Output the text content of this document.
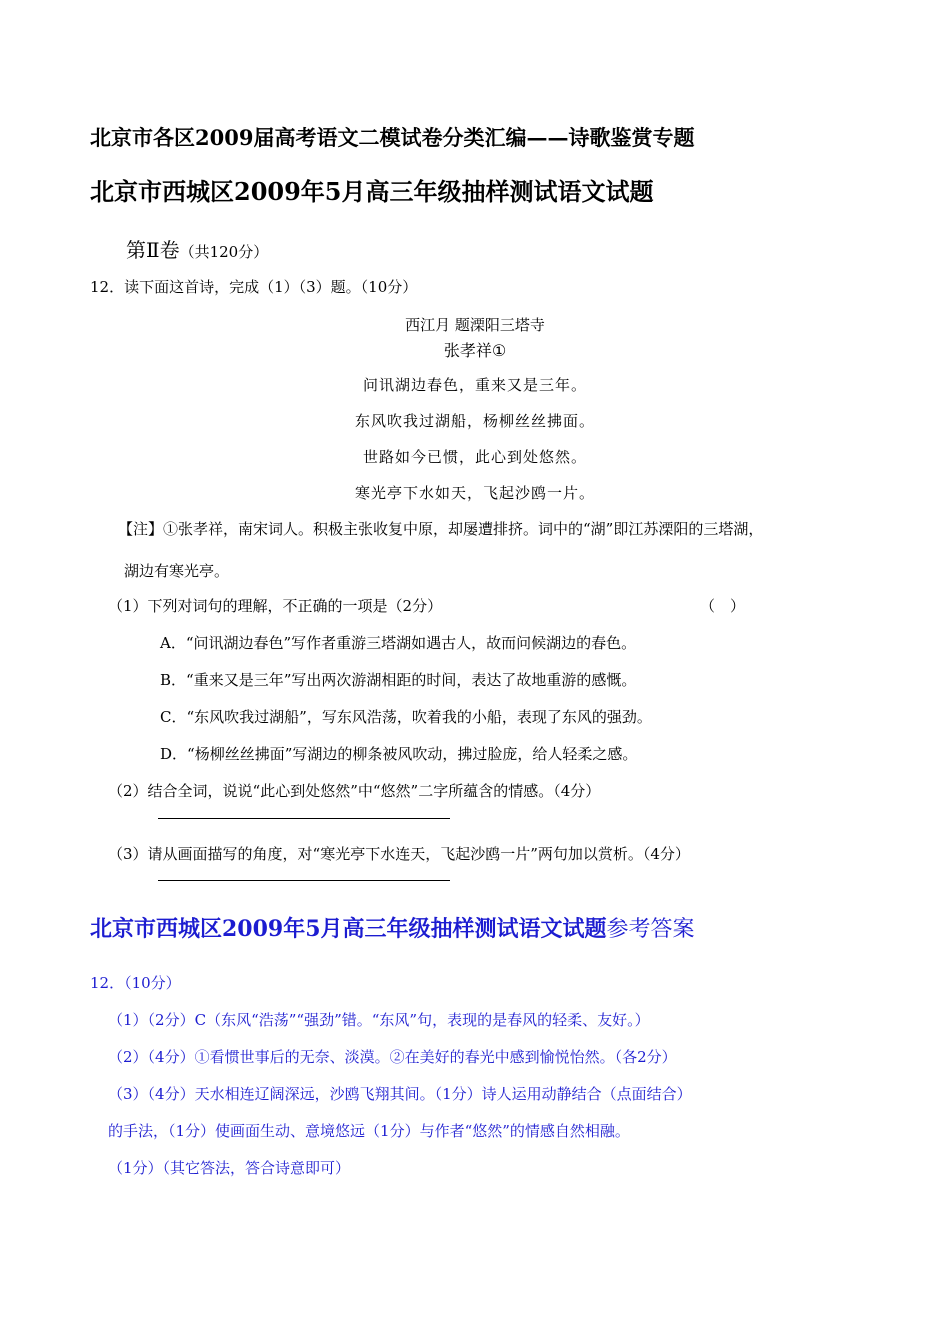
北京市各区2009届高考语文二模试卷分类汇编——诗歌鉴赏专题
北京市西城区2009年5月高三年级抽样测试语文试题
第Ⅱ卷（共120分）
12．读下面这首诗，完成（1）（3）题。（10分）
西江月 题溧阳三塔寺
张孝祥①
问讯湖边春色，重来又是三年。
东风吹我过湖船，杨柳丝丝拂面。
世路如今已惯，此心到处悠然。
寒光亭下水如天，飞起沙鸥一片。
【注】①张孝祥，南宋词人。积极主张收复中原，却屡遭排挤。词中的“湖”即江苏溧阳的三塔湖，
湖边有寒光亭。
（1）下列对词句的理解，不正确的一项是（2分）	（　）
A．“问讯湖边春色”写作者重游三塔湖如遇古人，故而问候湖边的春色。
B．“重来又是三年”写出两次游湖相距的时间，表达了故地重游的感慨。
C．“东风吹我过湖船”，写东风浩荡，吹着我的小船，表现了东风的强劲。
D．“杨柳丝丝拂面”写湖边的柳条被风吹动，拂过脸庞，给人轻柔之感。
（2）结合全词，说说“此心到处悠然”中“悠然”二字所蕴含的情感。（4分）
（3）请从画面描写的角度，对“寒光亭下水连天，飞起沙鸥一片”两句加以赏析。（4分）
北京市西城区2009年5月高三年级抽样测试语文试题参考答案
12．（10分）
（1）（2分）C（东风“浩荡”“强劲”错。“东风”句，表现的是春风的轻柔、友好。）
（2）（4分）①看惯世事后的无奈、淡漠。②在美好的春光中感到愉悦怡然。（各2分）
（3）（4分）天水相连辽阔深远，沙鸥飞翔其间。（1分）诗人运用动静结合（点面结合）
的手法，（1分）使画面生动、意境悠远（1分）与作者“悠然”的情感自然相融。
（1分）（其它答法，答合诗意即可）
